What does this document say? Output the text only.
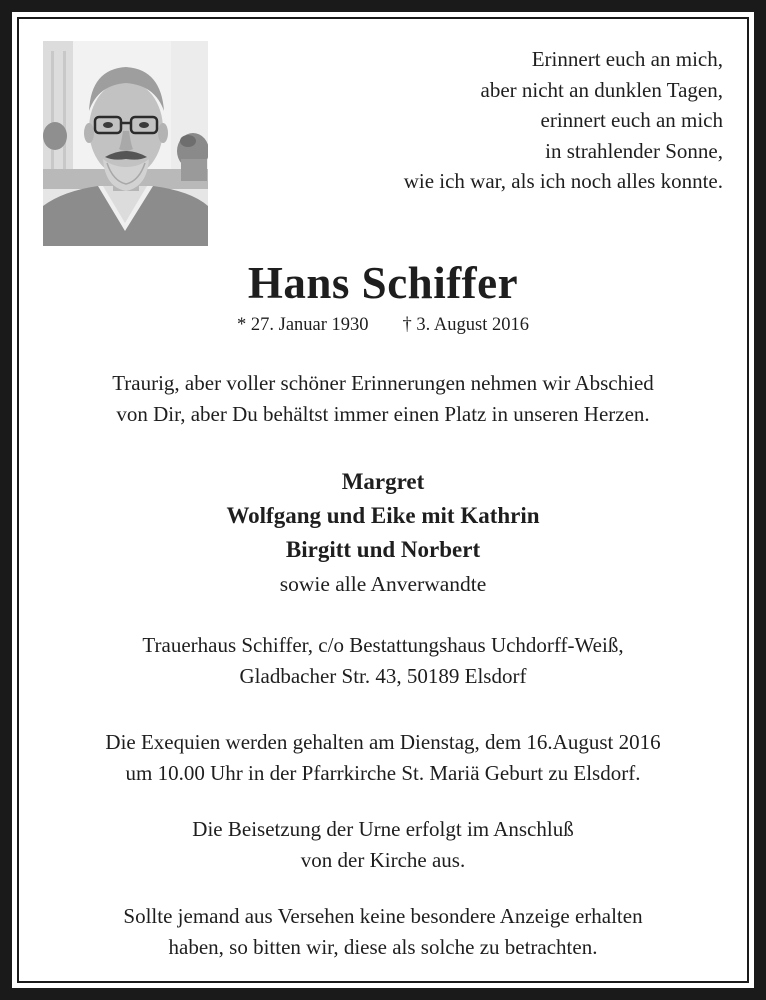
Erinnert euch an mich,
aber nicht an dunklen Tagen,
erinnert euch an mich
in strahlender Sonne,
wie ich war, als ich noch alles konnte.
Hans Schiffer
* 27. Januar 1930 † 3. August 2016
Traurig, aber voller schöner Erinnerungen nehmen wir Abschied
von Dir, aber Du behältst immer einen Platz in unseren Herzen.
Margret
Wolfgang und Eike mit Kathrin
Birgitt und Norbert
sowie alle Anverwandte
Trauerhaus Schiffer, c/o Bestattungshaus Uchdorff-Weiß,
Gladbacher Str. 43, 50189 Elsdorf
Die Exequien werden gehalten am Dienstag, dem 16.August 2016
um 10.00 Uhr in der Pfarrkirche St. Mariä Geburt zu Elsdorf.
Die Beisetzung der Urne erfolgt im Anschluß
von der Kirche aus.
Sollte jemand aus Versehen keine besondere Anzeige erhalten
haben, so bitten wir, diese als solche zu betrachten.
